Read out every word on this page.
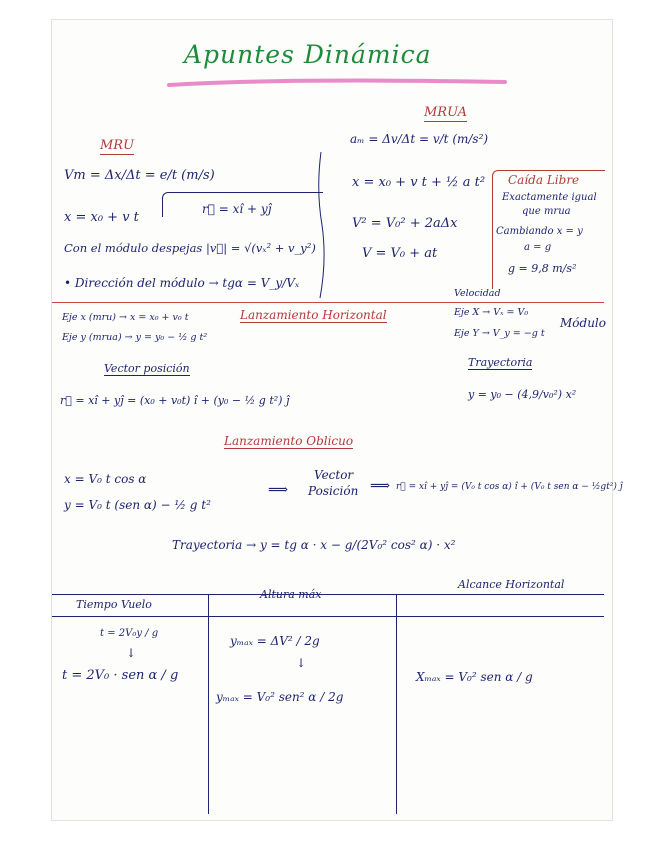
Apuntes Dinámica
MRU
Vm = Δx/Δt = e/t (m/s)
x = x₀ + v t
r⃗ = xî + yĵ
Con el módulo despejas |v⃗| = √(vₓ² + v_y²)
• Dirección del módulo → tgα = V_y/Vₓ
MRUA
aₘ = Δv/Δt = v/t (m/s²)
x = x₀ + v t + ½ a t²
V² = V₀² + 2aΔx
V = V₀ + at
Caída Libre
Exactamente igual
que mrua
Cambiando x = y
a = g
g = 9,8 m/s²
Lanzamiento Horizontal
Eje x (mru) → x = x₀ + v₀ t
Eje y (mrua) → y = y₀ − ½ g t²
Velocidad
Eje X → Vₓ = V₀
Eje Y → V_y = −g t
Módulo
Vector posición
r⃗ = xî + yĵ = (x₀ + v₀t) î + (y₀ − ½ g t²) ĵ
Trayectoria
y = y₀ − (4,9/v₀²) x²
Lanzamiento Oblicuo
x = V₀ t cos α
y = V₀ t (sen α) − ½ g t²
⟹
Vector
Posición ⟹ r⃗ = xî + yĵ = (V₀ t cos α) î + (V₀ t sen α − ½gt²) ĵ
Trayectoria → y = tg α · x − g/(2V₀² cos² α) · x²
Tiempo Vuelo
Altura máx
Alcance Horizontal
t = 2V₀y / g
↓
t = 2V₀ · sen α / g
yₘₐₓ = ΔV² / 2g
↓
yₘₐₓ = V₀² sen² α / 2g
Xₘₐₓ = V₀² sen α / g
